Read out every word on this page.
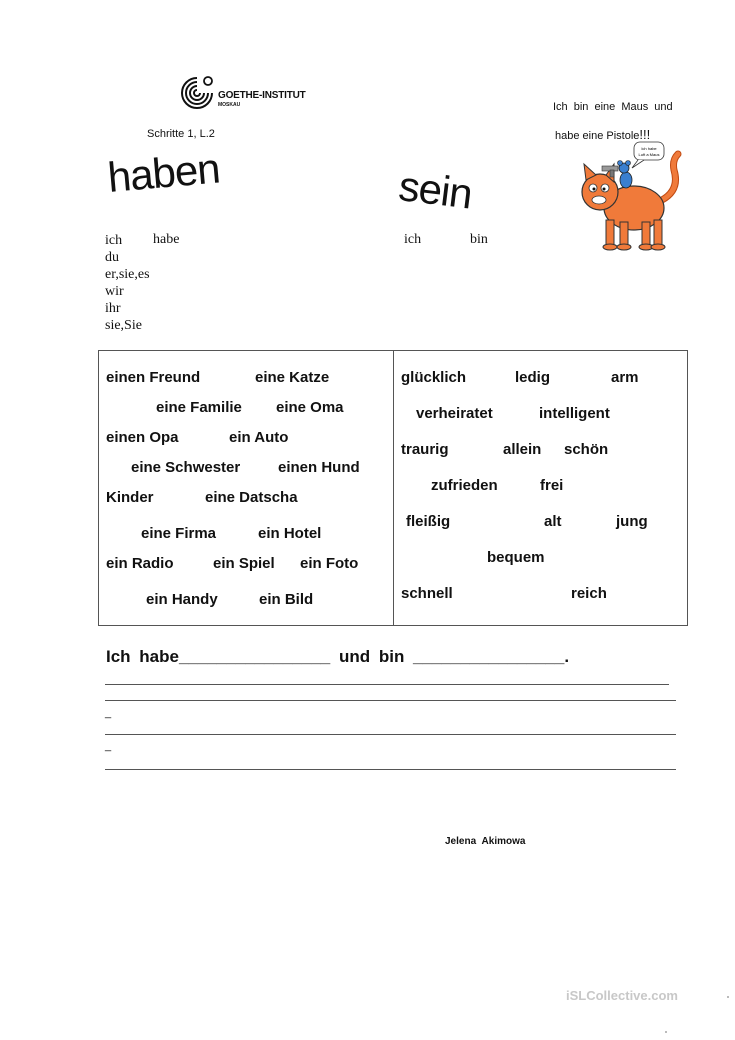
GOETHE-INSTITUT
MOSKAU
Schritte 1, L.2
Ich bin eine Maus und
habe eine Pistole!!!
haben	sein
ich
du
er,sie,es
wir
ihr
sie,Sie
habe	ich	bin
Ich habe
Luft a Maus
einen Freund	eine Katze
eine Familie eine Oma
einen Opa	ein Auto
eine Schwester	einen Hund
Kinder	eine Datscha
eine Firma	ein Hotel
ein Radio	ein Spiel ein Foto
ein Handy	ein Bild
glücklich	ledig	arm
verheiratet	intelligent
traurig	allein schön
zufrieden	frei
fleißig	alt	jung
bequem
schnell	reich
Ich habe________________ und bin ________________.
_
_
Jelena Akimowa
iSLCollective.com
